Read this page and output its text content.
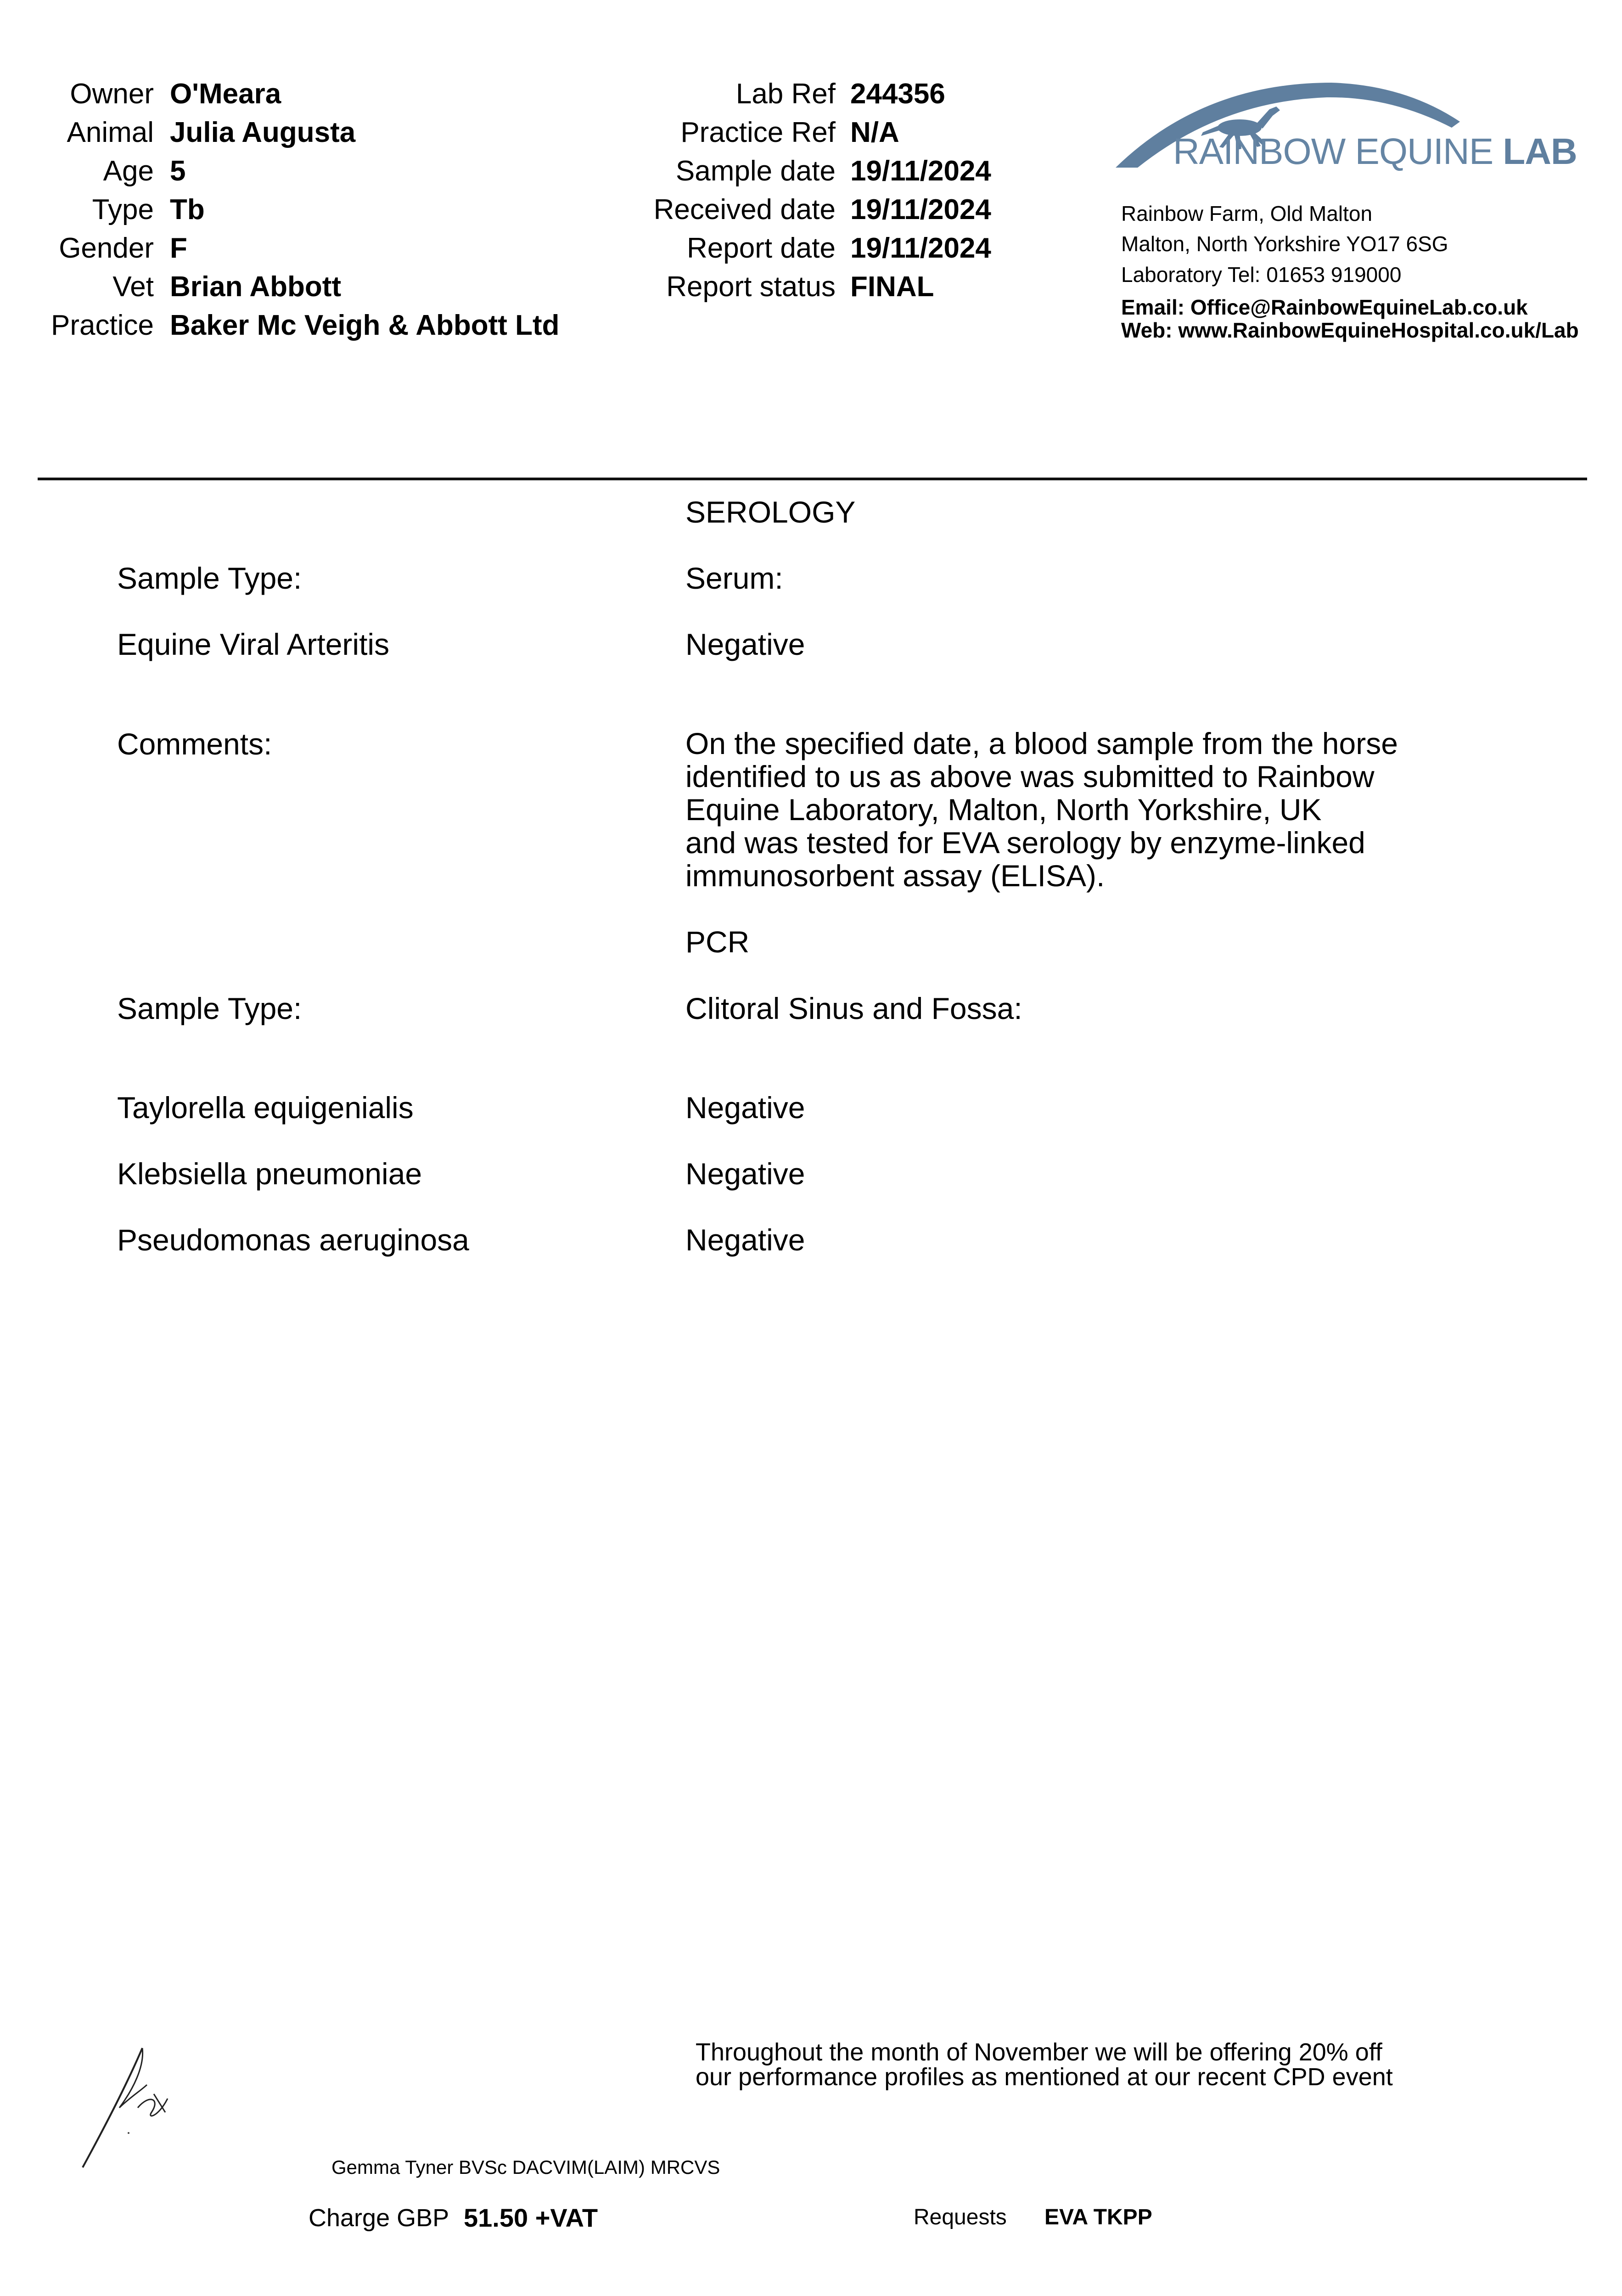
Owner O'Meara
Animal Julia Augusta
Age 5
Type Tb
Gender F
Vet Brian Abbott
Practice Baker Mc Veigh & Abbott Ltd
Lab Ref 244356
Practice Ref N/A
Sample date 19/11/2024
Received date 19/11/2024
Report date 19/11/2024
Report status FINAL
RAINBOW EQUINE LAB
Rainbow Farm, Old Malton
Malton, North Yorkshire YO17 6SG
Laboratory Tel: 01653 919000
Email: Office@RainbowEquineLab.co.uk
Web: www.RainbowEquineHospital.co.uk/Lab
SEROLOGY
Sample Type:	Serum:
Equine Viral Arteritis	Negative
Comments:	On the specified date, a blood sample from the horse
identified to us as above was submitted to Rainbow
Equine Laboratory, Malton, North Yorkshire, UK
and was tested for EVA serology by enzyme-linked
immunosorbent assay (ELISA).
PCR
Sample Type:	Clitoral Sinus and Fossa:
Taylorella equigenialis	Negative
Klebsiella pneumoniae	Negative
Pseudomonas aeruginosa	Negative
Throughout the month of November we will be offering 20% off
our performance profiles as mentioned at our recent CPD event
Gemma Tyner BVSc DACVIM(LAIM) MRCVS
Charge GBP 51.50 +VAT	Requests EVA TKPP
